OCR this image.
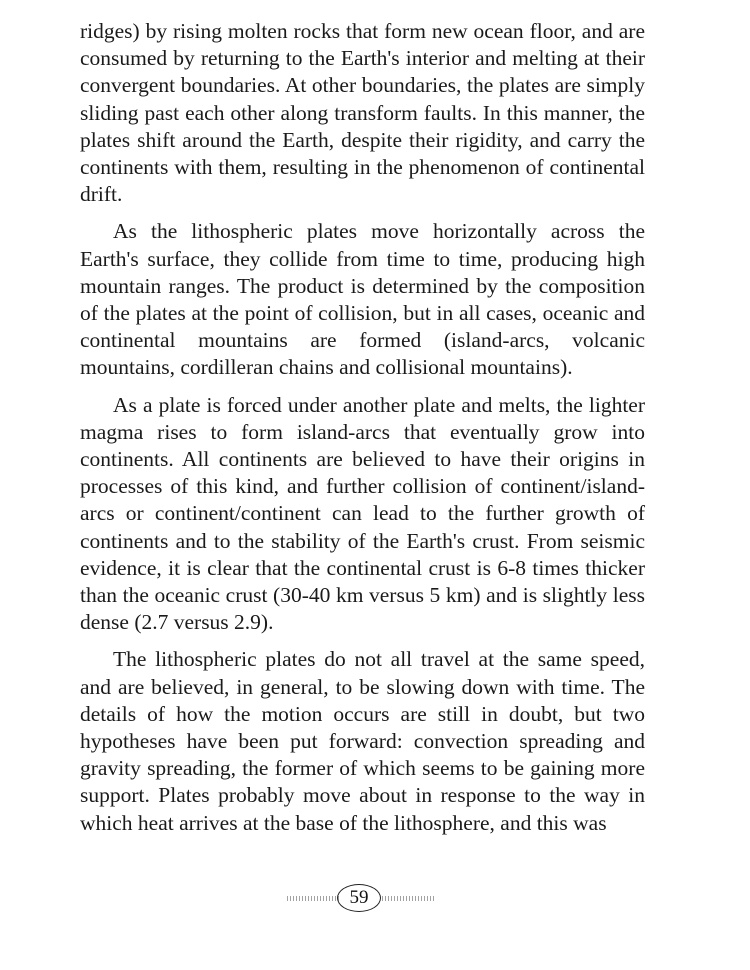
ridges) by rising molten rocks that form new ocean floor, and are consumed by returning to the Earth's interior and melting at their convergent boundaries. At other boundaries, the plates are simply sliding past each other along transform faults. In this manner, the plates shift around the Earth, despite their rigidity, and carry the continents with them, resulting in the phenomenon of continental drift.

As the lithospheric plates move horizontally across the Earth's surface, they collide from time to time, producing high mountain ranges. The product is determined by the composition of the plates at the point of collision, but in all cases, oceanic and continental mountains are formed (island-arcs, volcanic mountains, cordilleran chains and collisional mountains).

As a plate is forced under another plate and melts, the lighter magma rises to form island-arcs that eventually grow into continents. All continents are believed to have their origins in processes of this kind, and further collision of continent/island-arcs or continent/continent can lead to the further growth of continents and to the stability of the Earth's crust. From seismic evidence, it is clear that the continental crust is 6-8 times thicker than the oceanic crust (30-40 km versus 5 km) and is slightly less dense (2.7 versus 2.9).

The lithospheric plates do not all travel at the same speed, and are believed, in general, to be slowing down with time. The details of how the motion occurs are still in doubt, but two hypotheses have been put forward: convection spreading and gravity spreading, the former of which seems to be gaining more support. Plates probably move about in response to the way in which heat arrives at the base of the lithosphere, and this was

59
